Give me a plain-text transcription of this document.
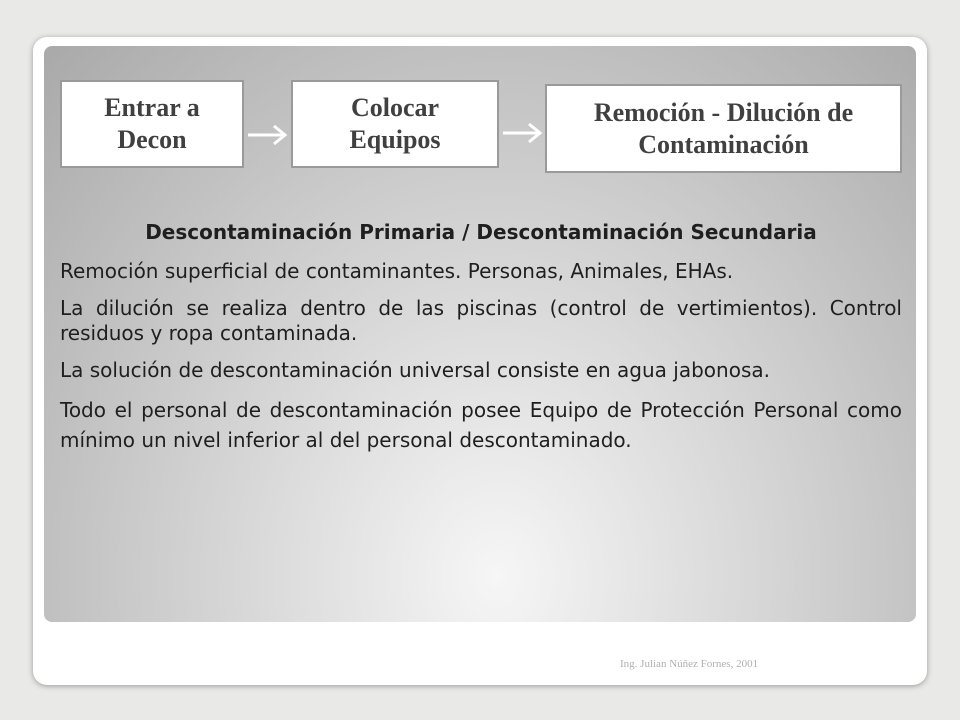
Entrar a
Decon
Colocar
Equipos
Remoción - Dilución de
Contaminación

Descontaminación Primaria / Descontaminación Secundaria

Remoción superficial de contaminantes. Personas, Animales, EHAs.

La dilución se realiza dentro de las piscinas (control de vertimientos). Control residuos y ropa contaminada.

La solución de descontaminación universal consiste en agua jabonosa.

Todo el personal de descontaminación posee Equipo de Protección Personal como mínimo un nivel inferior al del personal descontaminado.

Ing. Julian Núñez Fornes, 2001
